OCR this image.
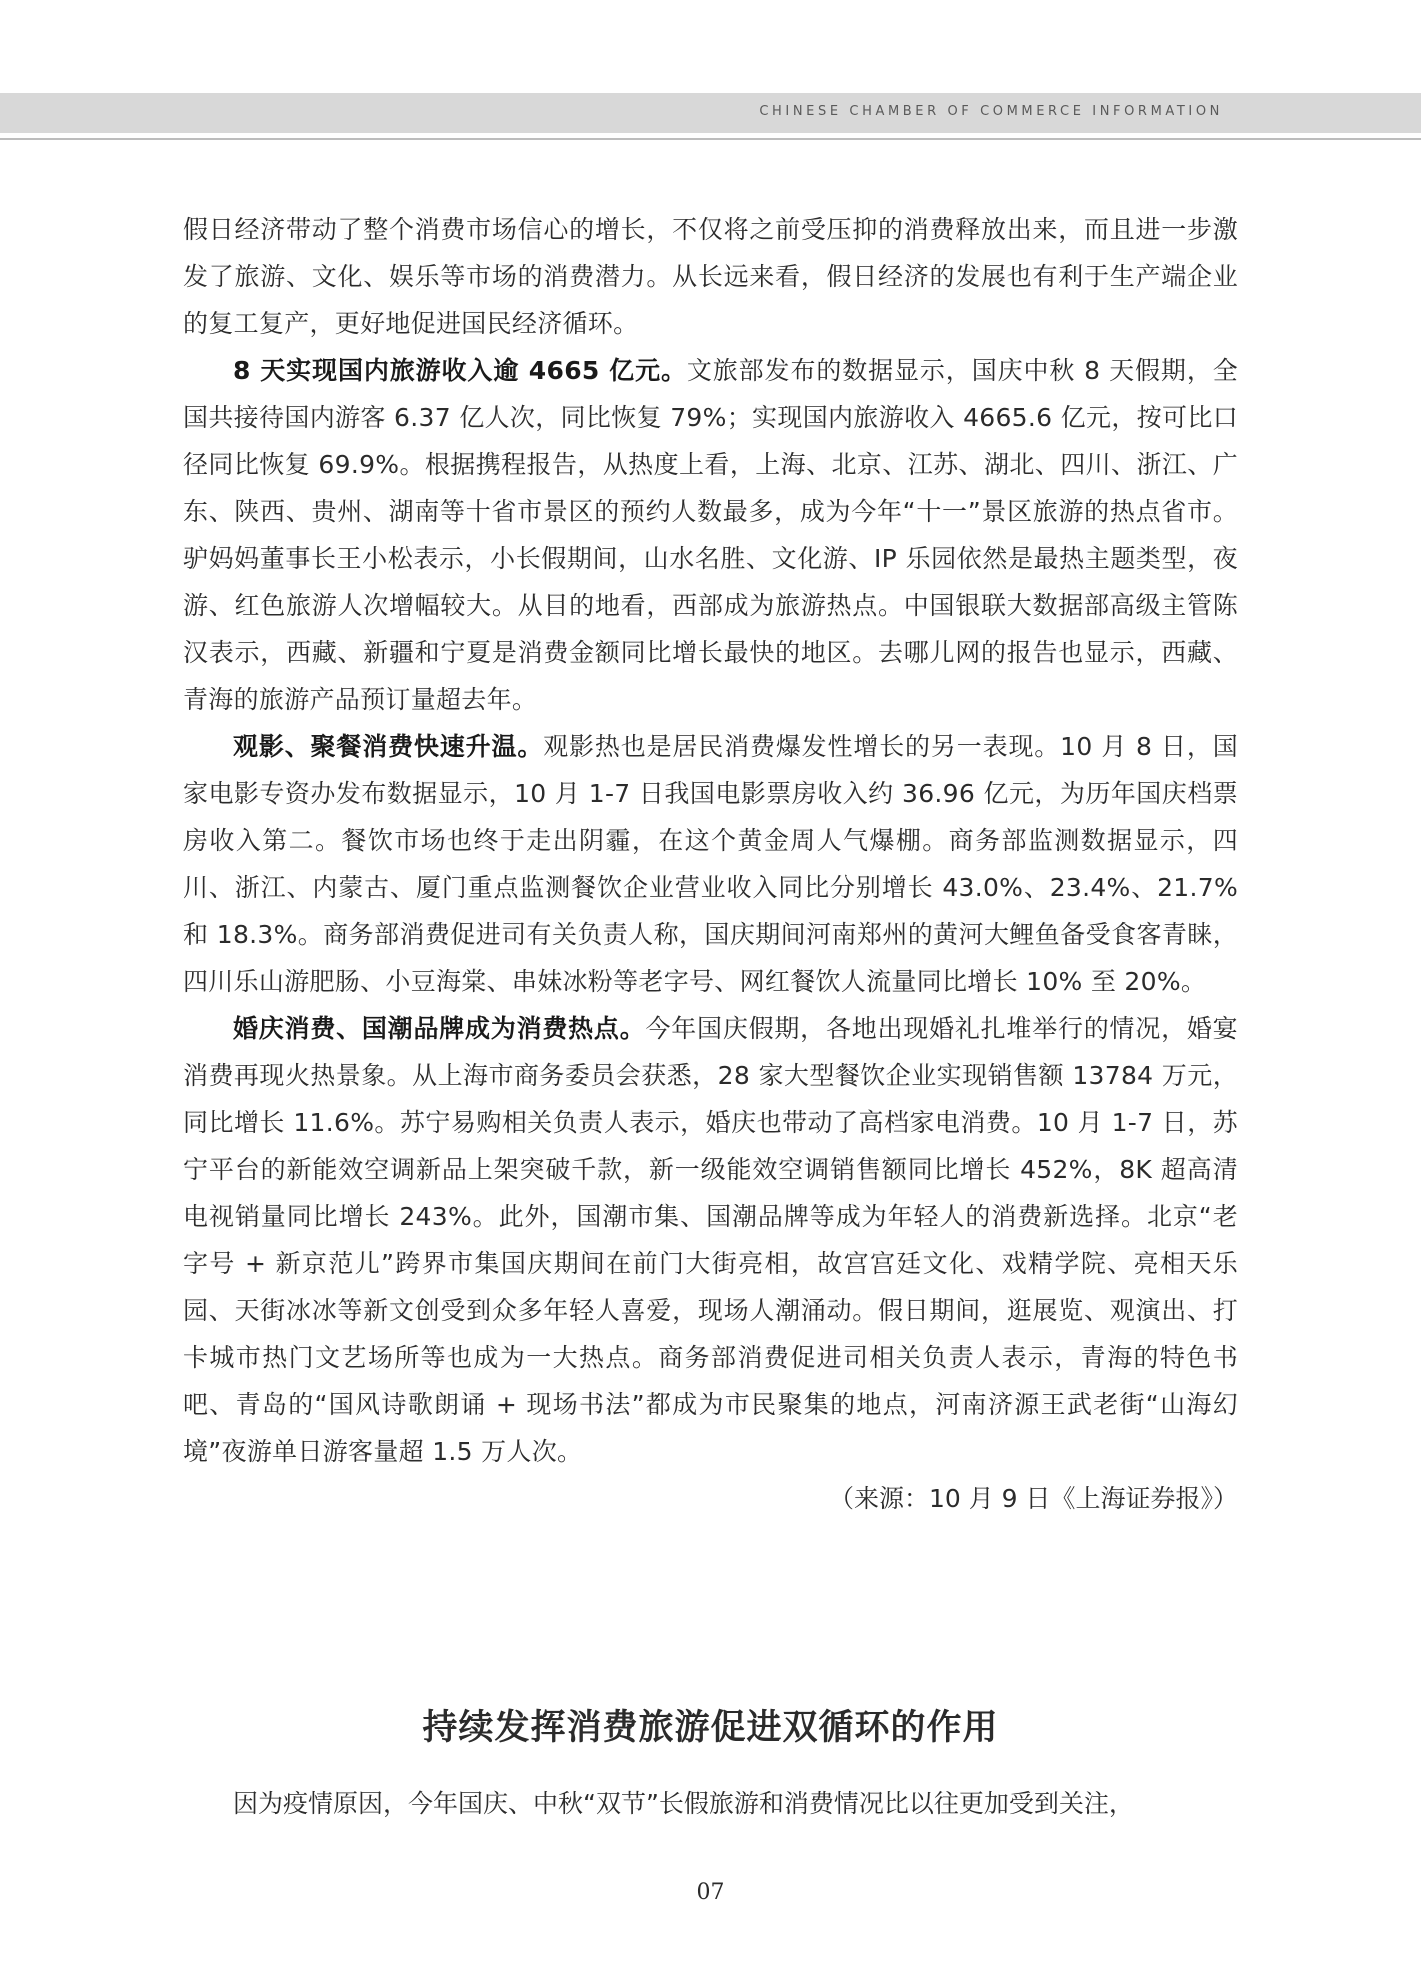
CHINESE CHAMBER OF COMMERCE INFORMATION

假日经济带动了整个消费市场信心的增长，不仅将之前受压抑的消费释放出来，而且进一步激发了旅游、文化、娱乐等市场的消费潜力。从长远来看，假日经济的发展也有利于生产端企业的复工复产，更好地促进国民经济循环。

8 天实现国内旅游收入逾 4665 亿元。文旅部发布的数据显示，国庆中秋 8 天假期，全国共接待国内游客 6.37 亿人次，同比恢复 79%；实现国内旅游收入 4665.6 亿元，按可比口径同比恢复 69.9%。根据携程报告，从热度上看，上海、北京、江苏、湖北、四川、浙江、广东、陕西、贵州、湖南等十省市景区的预约人数最多，成为今年“十一”景区旅游的热点省市。驴妈妈董事长王小松表示，小长假期间，山水名胜、文化游、IP 乐园依然是最热主题类型，夜游、红色旅游人次增幅较大。从目的地看，西部成为旅游热点。中国银联大数据部高级主管陈汉表示，西藏、新疆和宁夏是消费金额同比增长最快的地区。去哪儿网的报告也显示，西藏、青海的旅游产品预订量超去年。

观影、聚餐消费快速升温。观影热也是居民消费爆发性增长的另一表现。10 月 8 日，国家电影专资办发布数据显示，10 月 1-7 日我国电影票房收入约 36.96 亿元，为历年国庆档票房收入第二。餐饮市场也终于走出阴霾，在这个黄金周人气爆棚。商务部监测数据显示，四川、浙江、内蒙古、厦门重点监测餐饮企业营业收入同比分别增长 43.0%、23.4%、21.7% 和 18.3%。商务部消费促进司有关负责人称，国庆期间河南郑州的黄河大鲤鱼备受食客青睐，四川乐山游肥肠、小豆海棠、串妹冰粉等老字号、网红餐饮人流量同比增长 10% 至 20%。

婚庆消费、国潮品牌成为消费热点。今年国庆假期，各地出现婚礼扎堆举行的情况，婚宴消费再现火热景象。从上海市商务委员会获悉，28 家大型餐饮企业实现销售额 13784 万元，同比增长 11.6%。苏宁易购相关负责人表示，婚庆也带动了高档家电消费。10 月 1-7 日，苏宁平台的新能效空调新品上架突破千款，新一级能效空调销售额同比增长 452%，8K 超高清电视销量同比增长 243%。此外，国潮市集、国潮品牌等成为年轻人的消费新选择。北京“老字号 + 新京范儿”跨界市集国庆期间在前门大街亮相，故宫宫廷文化、戏精学院、亮相天乐园、天街冰冰等新文创受到众多年轻人喜爱，现场人潮涌动。假日期间，逛展览、观演出、打卡城市热门文艺场所等也成为一大热点。商务部消费促进司相关负责人表示，青海的特色书吧、青岛的“国风诗歌朗诵 + 现场书法”都成为市民聚集的地点，河南济源王武老街“山海幻境”夜游单日游客量超 1.5 万人次。

（来源：10 月 9 日《上海证券报》）

持续发挥消费旅游促进双循环的作用

因为疫情原因，今年国庆、中秋“双节”长假旅游和消费情况比以往更加受到关注，

07
